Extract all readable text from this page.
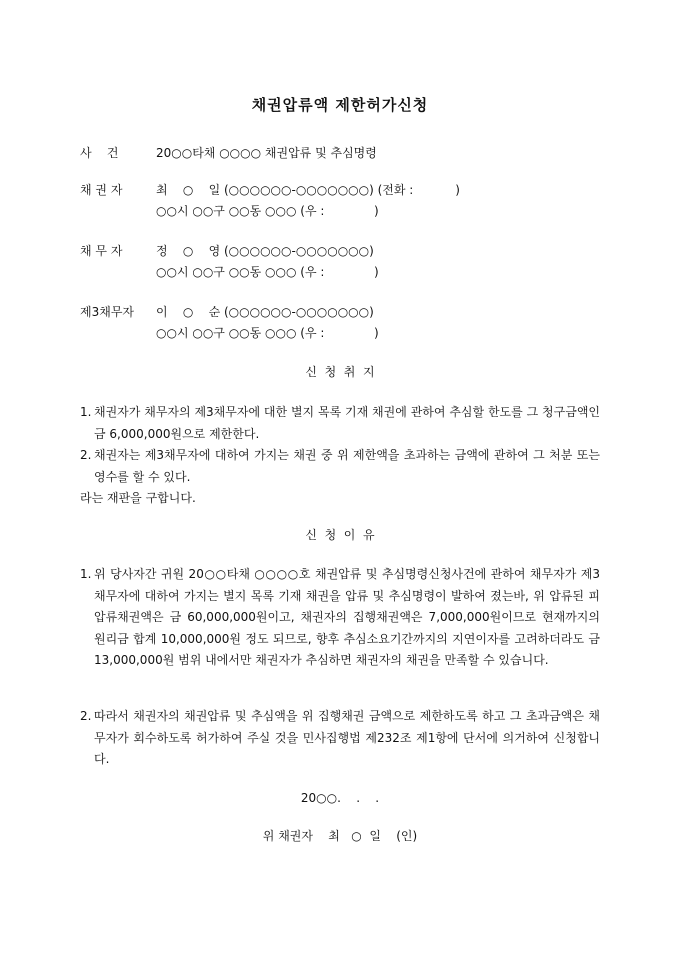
채권압류액 제한허가신청
사    건	20○○타채 ○○○○ 채권압류 및 추심명령
채 권 자	최    ○    일 (○○○○○○-○○○○○○○) (전화 :           )
○○시 ○○구 ○○동 ○○○ (우 :             )
채 무 자	정    ○    영 (○○○○○○-○○○○○○○)
○○시 ○○구 ○○동 ○○○ (우 :             )
제3채무자 이    ○    순 (○○○○○○-○○○○○○○)
○○시 ○○구 ○○동 ○○○ (우 :             )
신  청  취  지
1. 채권자가 채무자의 제3채무자에 대한 별지 목록 기재 채권에 관하여 추심할 한도를 그 청구금액인 금 6,000,000원으로 제한한다.
2. 채권자는 제3채무자에 대하여 가지는 채권 중 위 제한액을 초과하는 금액에 관하여 그 처분 또는 영수를 할 수 있다.
라는 재판을 구합니다.
신  청  이  유
1. 위 당사자간 귀원 20○○타채 ○○○○호 채권압류 및 추심명령신청사건에 관하여 채무자가 제3채무자에 대하여 가지는 별지 목록 기재 채권을 압류 및 추심명령이 발하여 졌는바, 위 압류된 피압류채권액은 금 60,000,000원이고, 채권자의 집행채권액은 7,000,000원이므로 현재까지의 원리금 합계 10,000,000원 정도 되므로, 향후 추심소요기간까지의 지연이자를 고려하더라도 금 13,000,000원 범위 내에서만 채권자가 추심하면 채권자의 채권을 만족할 수 있습니다.
2. 따라서 채권자의 채권압류 및 추심액을 위 집행채권 금액으로 제한하도록 하고 그 초과금액은 채무자가 회수하도록 허가하여 주실 것을 민사집행법 제232조 제1항에 단서에 의거하여 신청합니다.
20○○.    .    .
위 채권자    최   ○  일    (인)
